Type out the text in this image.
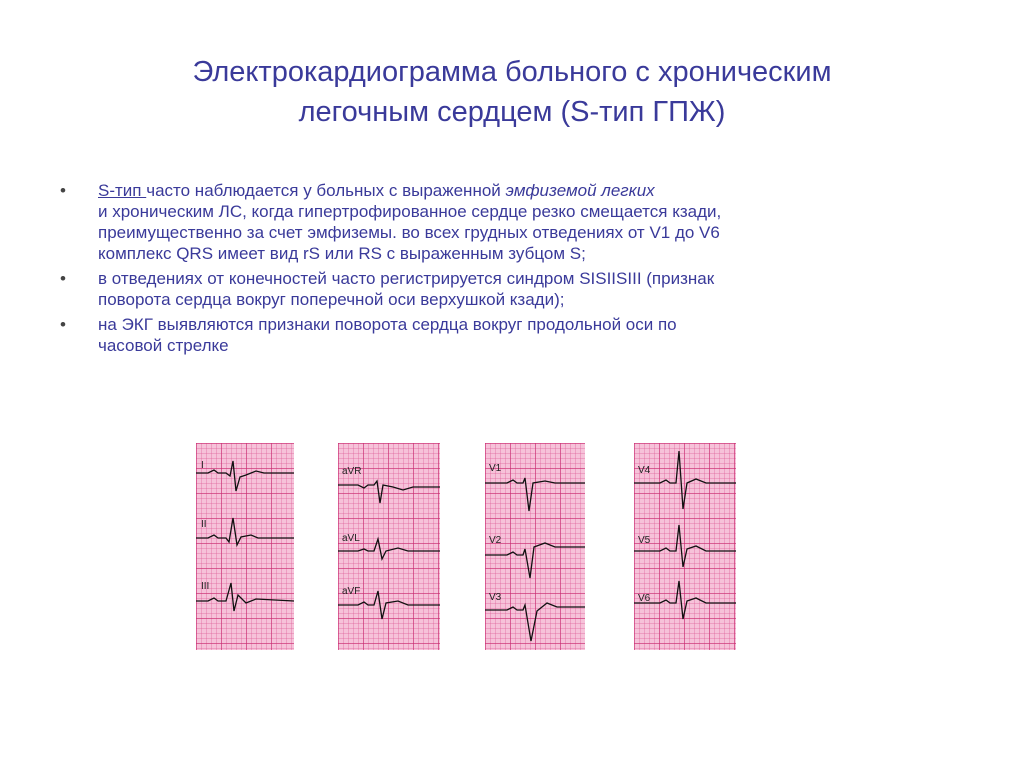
Электрокардиограмма больного с хроническим
легочным сердцем (S-тип ГПЖ)
• S-тип часто наблюдается у больных с выраженной эмфиземой легких
и хроническим ЛС, когда гипертрофированное сердце резко смещается кзади,
преимущественно за счет эмфиземы. во всех грудных отведениях от V1 до V6
комплекс QRS имеет вид rS или RS с выраженным зубцом S;
• в отведениях от конечностей часто регистрируется синдром SISIISIII (признак
поворота сердца вокруг поперечной оси верхушкой кзади);
• на ЭКГ выявляются признаки поворота сердца вокруг продольной оси по
часовой стрелке
I
II
III
aVR
aVL
aVF
V1
V2
V3
V4
V5
V6
